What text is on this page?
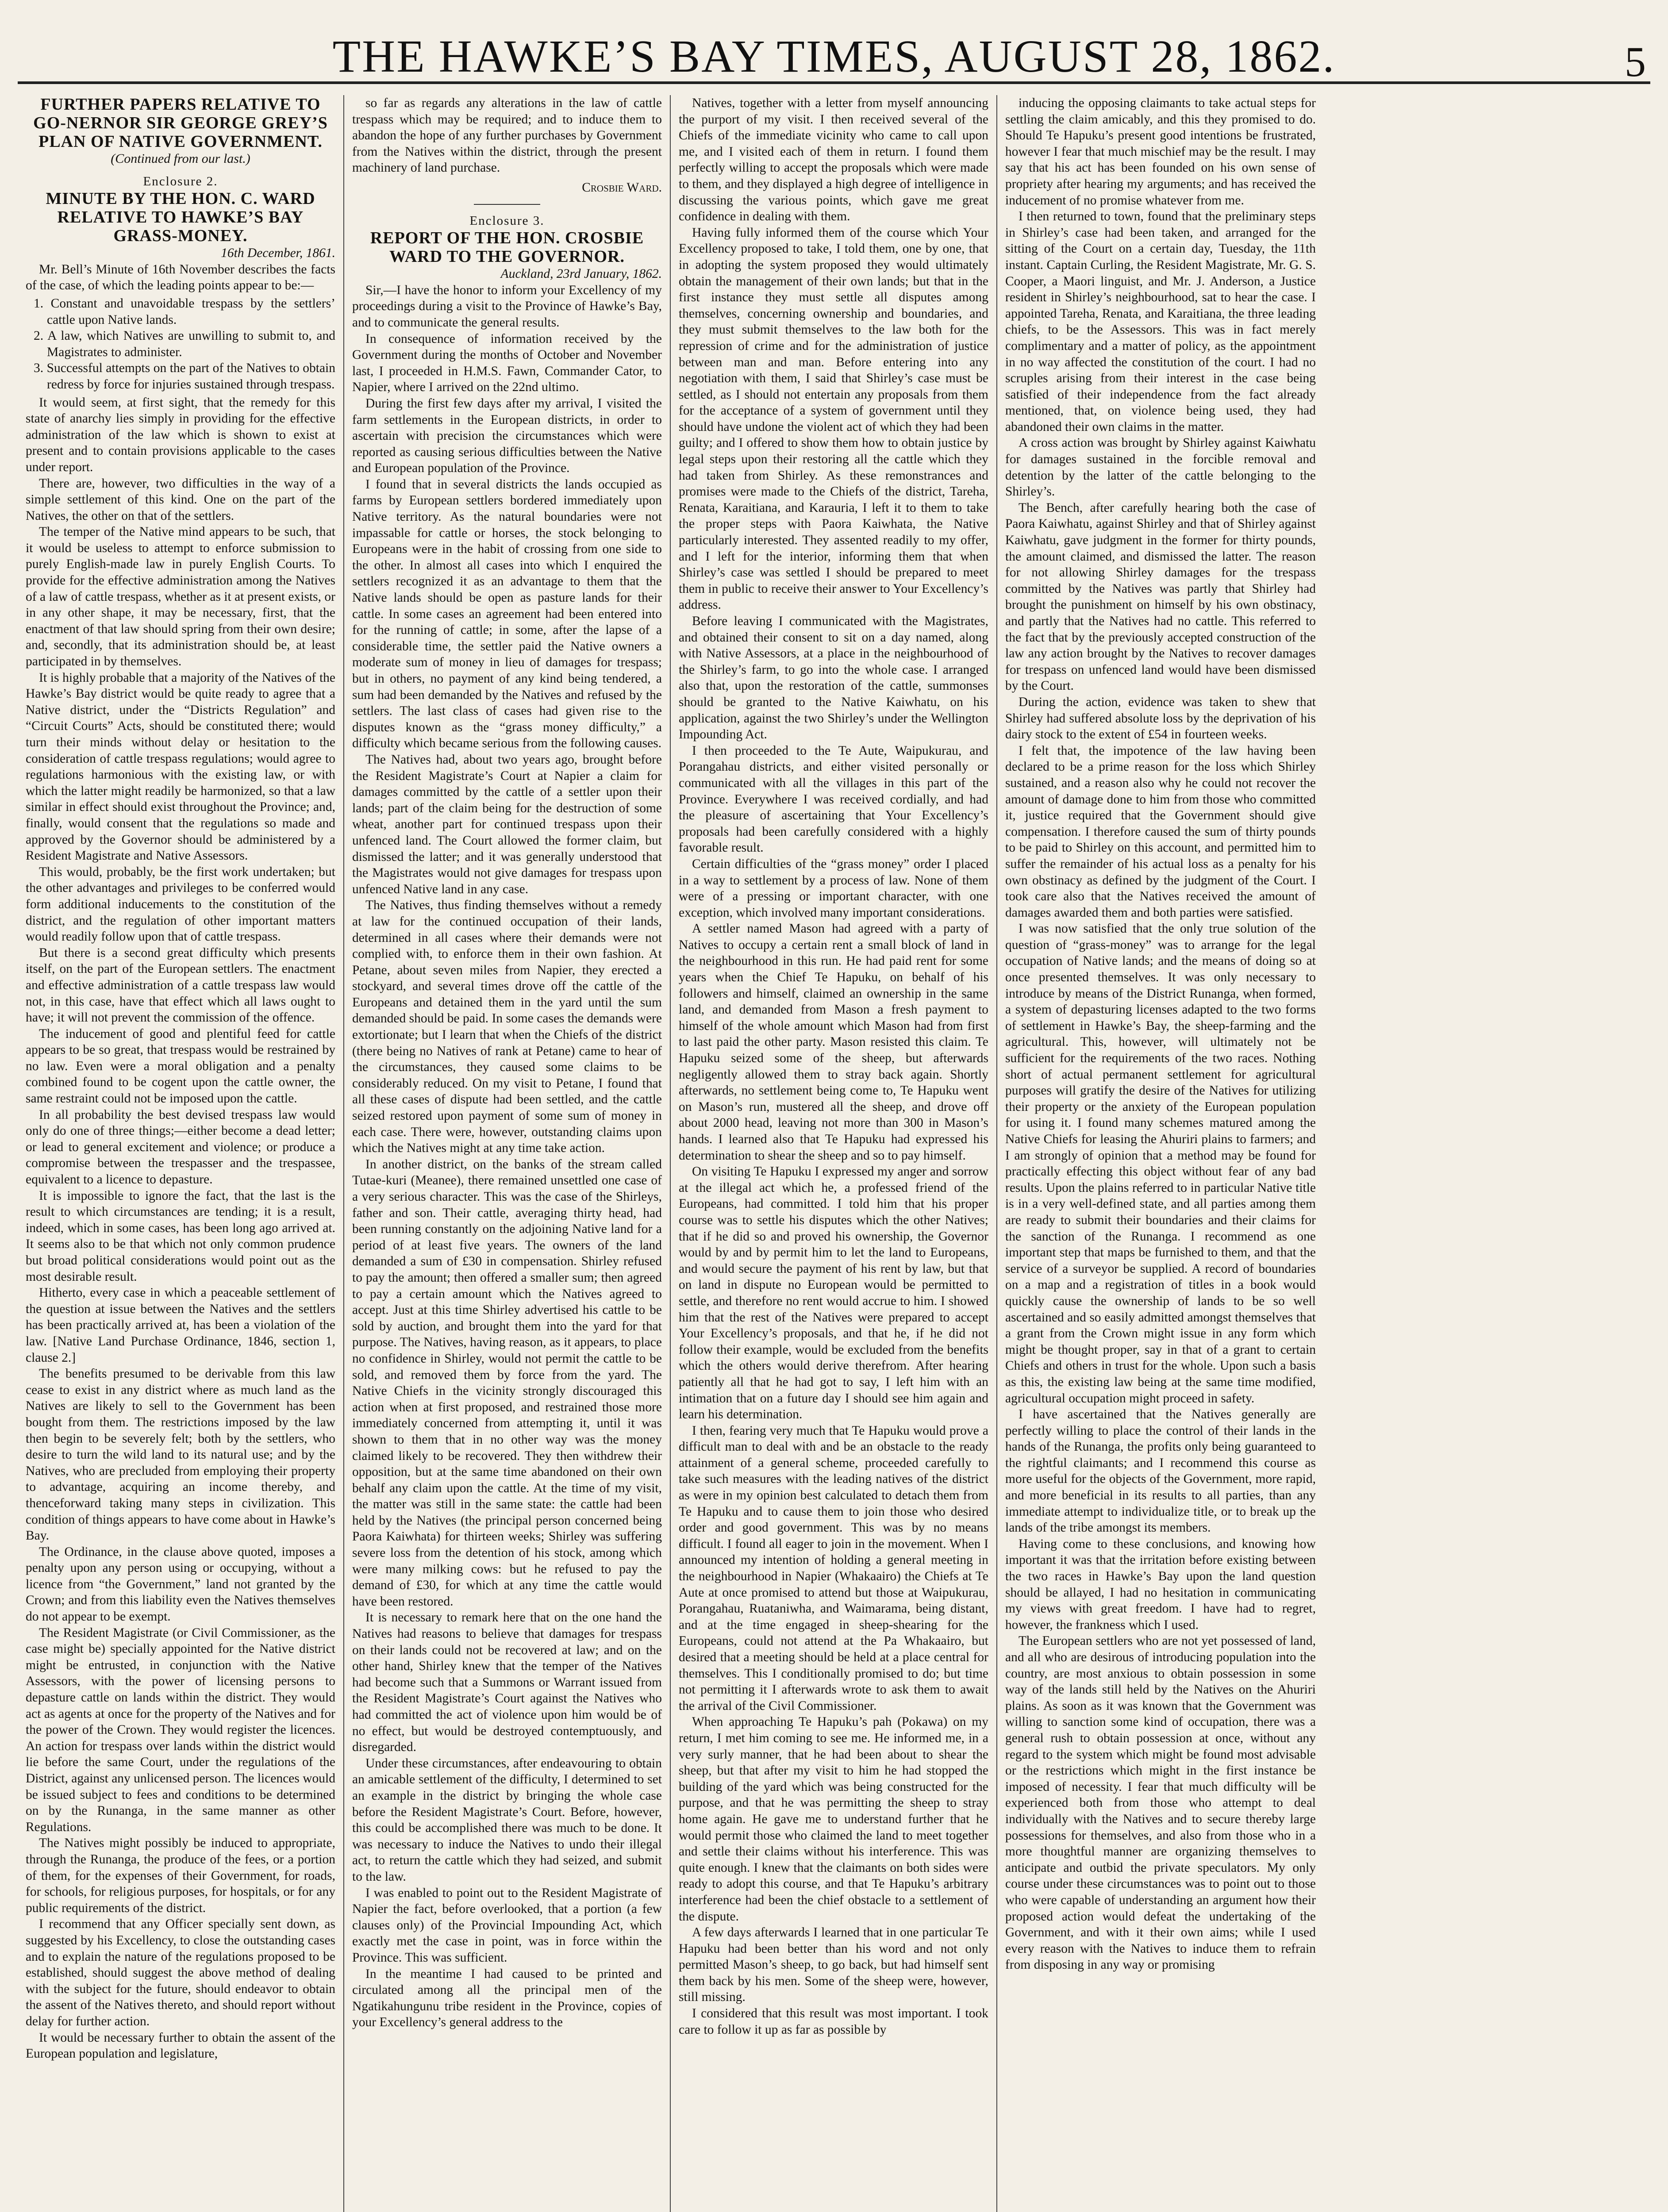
THE HAWKE’S BAY TIMES, AUGUST 28, 1862.	5
FURTHER PAPERS RELATIVE TO GO-NERNOR SIR GEORGE GREY’S PLAN OF NATIVE GOVERNMENT.
(Continued from our last.)
Enclosure 2.
MINUTE BY THE HON. C. WARD RELATIVE TO HAWKE’S BAY GRASS-MONEY.
16th December, 1861.

Mr. Bell’s Minute of 16th November describes the facts of the case, of which the leading points appear to be:—

1. Constant and unavoidable trespass by the settlers’ cattle upon Native lands.
2. A law, which Natives are unwilling to submit to, and Magistrates to administer.
3. Successful attempts on the part of the Natives to obtain redress by force for injuries sustained through trespass.

It would seem, at first sight, that the remedy for this state of anarchy lies simply in providing for the effective administration of the law which is shown to exist at present and to contain provisions applicable to the cases under report.

There are, however, two difficulties in the way of a simple settlement of this kind. One on the part of the Natives, the other on that of the settlers.

The temper of the Native mind appears to be such, that it would be useless to attempt to enforce submission to purely English-made law in purely English Courts. To provide for the effective administration among the Natives of a law of cattle trespass, whether as it at present exists, or in any other shape, it may be necessary, first, that the enactment of that law should spring from their own desire; and, secondly, that its administration should be, at least participated in by themselves.

It is highly probable that a majority of the Natives of the Hawke’s Bay district would be quite ready to agree that a Native district, under the “Districts Regulation” and “Circuit Courts” Acts, should be constituted there; would turn their minds without delay or hesitation to the consideration of cattle trespass regulations; would agree to regulations harmonious with the existing law, or with which the latter might readily be harmonized, so that a law similar in effect should exist throughout the Province; and, finally, would consent that the regulations so made and approved by the Governor should be administered by a Resident Magistrate and Native Assessors.

This would, probably, be the first work undertaken; but the other advantages and privileges to be conferred would form additional inducements to the constitution of the district, and the regulation of other important matters would readily follow upon that of cattle trespass.

But there is a second great difficulty which presents itself, on the part of the European settlers. The enactment and effective administration of a cattle trespass law would not, in this case, have that effect which all laws ought to have; it will not prevent the commission of the offence.

The inducement of good and plentiful feed for cattle appears to be so great, that trespass would be restrained by no law. Even were a moral obligation and a penalty combined found to be cogent upon the cattle owner, the same restraint could not be imposed upon the cattle.

In all probability the best devised trespass law would only do one of three things;—either become a dead letter; or lead to general excitement and violence; or produce a compromise between the trespasser and the trespassee, equivalent to a licence to depasture.

It is impossible to ignore the fact, that the last is the result to which circumstances are tending; it is a result, indeed, which in some cases, has been long ago arrived at. It seems also to be that which not only common prudence but broad political considerations would point out as the most desirable result.

Hitherto, every case in which a peaceable settlement of the question at issue between the Natives and the settlers has been practically arrived at, has been a violation of the law. [Native Land Purchase Ordinance, 1846, section 1, clause 2.]

The benefits presumed to be derivable from this law cease to exist in any district where as much land as the Natives are likely to sell to the Government has been bought from them. The restrictions imposed by the law then begin to be severely felt; both by the settlers, who desire to turn the wild land to its natural use; and by the Natives, who are precluded from employing their property to advantage, acquiring an income thereby, and thenceforward taking many steps in civilization. This condition of things appears to have come about in Hawke’s Bay.

The Ordinance, in the clause above quoted, imposes a penalty upon any person using or occupying, without a licence from “the Government,” land not granted by the Crown; and from this liability even the Natives themselves do not appear to be exempt.

The Resident Magistrate (or Civil Commissioner, as the case might be) specially appointed for the Native district might be entrusted, in conjunction with the Native Assessors, with the power of licensing persons to depasture cattle on lands within the district. They would act as agents at once for the property of the Natives and for the power of the Crown. They would register the licences. An action for trespass over lands within the district would lie before the same Court, under the regulations of the District, against any unlicensed person. The licences would be issued subject to fees and conditions to be determined on by the Runanga, in the same manner as other Regulations.

The Natives might possibly be induced to appropriate, through the Runanga, the produce of the fees, or a portion of them, for the expenses of their Government, for roads, for schools, for religious purposes, for hospitals, or for any public requirements of the district.

I recommend that any Officer specially sent down, as suggested by his Excellency, to close the outstanding cases and to explain the nature of the regulations proposed to be established, should suggest the above method of dealing with the subject for the future, should endeavor to obtain the assent of the Natives thereto, and should report without delay for further action.

It would be necessary further to obtain the assent of the European population and legislature,

so far as regards any alterations in the law of cattle trespass which may be required; and to induce them to abandon the hope of any further purchases by Government from the Natives within the district, through the present machinery of land purchase.

Crosbie Ward.
Enclosure 3.
REPORT OF THE HON. CROSBIE WARD TO THE GOVERNOR.
Auckland, 23rd January, 1862.

Sir,—I have the honor to inform your Excellency of my proceedings during a visit to the Province of Hawke’s Bay, and to communicate the general results.

In consequence of information received by the Government during the months of October and November last, I proceeded in H.M.S. Fawn, Commander Cator, to Napier, where I arrived on the 22nd ultimo.

During the first few days after my arrival, I visited the farm settlements in the European districts, in order to ascertain with precision the circumstances which were reported as causing serious difficulties between the Native and European population of the Province.

I found that in several districts the lands occupied as farms by European settlers bordered immediately upon Native territory. As the natural boundaries were not impassable for cattle or horses, the stock belonging to Europeans were in the habit of crossing from one side to the other. In almost all cases into which I enquired the settlers recognized it as an advantage to them that the Native lands should be open as pasture lands for their cattle. In some cases an agreement had been entered into for the running of cattle; in some, after the lapse of a considerable time, the settler paid the Native owners a moderate sum of money in lieu of damages for trespass; but in others, no payment of any kind being tendered, a sum had been demanded by the Natives and refused by the settlers. The last class of cases had given rise to the disputes known as the “grass money difficulty,” a difficulty which became serious from the following causes.

The Natives had, about two years ago, brought before the Resident Magistrate’s Court at Napier a claim for damages committed by the cattle of a settler upon their lands; part of the claim being for the destruction of some wheat, another part for continued trespass upon their unfenced land. The Court allowed the former claim, but dismissed the latter; and it was generally understood that the Magistrates would not give damages for trespass upon unfenced Native land in any case.

The Natives, thus finding themselves without a remedy at law for the continued occupation of their lands, determined in all cases where their demands were not complied with, to enforce them in their own fashion. At Petane, about seven miles from Napier, they erected a stockyard, and several times drove off the cattle of the Europeans and detained them in the yard until the sum demanded should be paid. In some cases the demands were extortionate; but I learn that when the Chiefs of the district (there being no Natives of rank at Petane) came to hear of the circumstances, they caused some claims to be considerably reduced. On my visit to Petane, I found that all these cases of dispute had been settled, and the cattle seized restored upon payment of some sum of money in each case. There were, however, outstanding claims upon which the Natives might at any time take action.

In another district, on the banks of the stream called Tutae-kuri (Meanee), there remained unsettled one case of a very serious character. This was the case of the Shirleys, father and son. Their cattle, averaging thirty head, had been running constantly on the adjoining Native land for a period of at least five years. The owners of the land demanded a sum of £30 in compensation. Shirley refused to pay the amount; then offered a smaller sum; then agreed to pay a certain amount which the Natives agreed to accept. Just at this time Shirley advertised his cattle to be sold by auction, and brought them into the yard for that purpose. The Natives, having reason, as it appears, to place no confidence in Shirley, would not permit the cattle to be sold, and removed them by force from the yard. The Native Chiefs in the vicinity strongly discouraged this action when at first proposed, and restrained those more immediately concerned from attempting it, until it was shown to them that in no other way was the money claimed likely to be recovered. They then withdrew their opposition, but at the same time abandoned on their own behalf any claim upon the cattle. At the time of my visit, the matter was still in the same state: the cattle had been held by the Natives (the principal person concerned being Paora Kaiwhata) for thirteen weeks; Shirley was suffering severe loss from the detention of his stock, among which were many milking cows: but he refused to pay the demand of £30, for which at any time the cattle would have been restored.

It is necessary to remark here that on the one hand the Natives had reasons to believe that damages for trespass on their lands could not be recovered at law; and on the other hand, Shirley knew that the temper of the Natives had become such that a Summons or Warrant issued from the Resident Magistrate’s Court against the Natives who had committed the act of violence upon him would be of no effect, but would be destroyed contemptuously, and disregarded.

Under these circumstances, after endeavouring to obtain an amicable settlement of the difficulty, I determined to set an example in the district by bringing the whole case before the Resident Magistrate’s Court. Before, however, this could be accomplished there was much to be done. It was necessary to induce the Natives to undo their illegal act, to return the cattle which they had seized, and submit to the law.

I was enabled to point out to the Resident Magistrate of Napier the fact, before overlooked, that a portion (a few clauses only) of the Provincial Impounding Act, which exactly met the case in point, was in force within the Province. This was sufficient.

In the meantime I had caused to be printed and circulated among all the principal men of the Ngatikahungunu tribe resident in the Province, copies of your Excellency’s general address to the

Natives, together with a letter from myself announcing the purport of my visit. I then received several of the Chiefs of the immediate vicinity who came to call upon me, and I visited each of them in return. I found them perfectly willing to accept the proposals which were made to them, and they displayed a high degree of intelligence in discussing the various points, which gave me great confidence in dealing with them.

Having fully informed them of the course which Your Excellency proposed to take, I told them, one by one, that in adopting the system proposed they would ultimately obtain the management of their own lands; but that in the first instance they must settle all disputes among themselves, concerning ownership and boundaries, and they must submit themselves to the law both for the repression of crime and for the administration of justice between man and man. Before entering into any negotiation with them, I said that Shirley’s case must be settled, as I should not entertain any proposals from them for the acceptance of a system of government until they should have undone the violent act of which they had been guilty; and I offered to show them how to obtain justice by legal steps upon their restoring all the cattle which they had taken from Shirley. As these remonstrances and promises were made to the Chiefs of the district, Tareha, Renata, Karaitiana, and Karauria, I left it to them to take the proper steps with Paora Kaiwhata, the Native particularly interested. They assented readily to my offer, and I left for the interior, informing them that when Shirley’s case was settled I should be prepared to meet them in public to receive their answer to Your Excellency’s address.

Before leaving I communicated with the Magistrates, and obtained their consent to sit on a day named, along with Native Assessors, at a place in the neighbourhood of the Shirley’s farm, to go into the whole case. I arranged also that, upon the restoration of the cattle, summonses should be granted to the Native Kaiwhatu, on his application, against the two Shirley’s under the Wellington Impounding Act.

I then proceeded to the Te Aute, Waipukurau, and Porangahau districts, and either visited personally or communicated with all the villages in this part of the Province. Everywhere I was received cordially, and had the pleasure of ascertaining that Your Excellency’s proposals had been carefully considered with a highly favorable result.

Certain difficulties of the “grass money” order I placed in a way to settlement by a process of law. None of them were of a pressing or important character, with one exception, which involved many important considerations.

A settler named Mason had agreed with a party of Natives to occupy a certain rent a small block of land in the neighbourhood in this run. He had paid rent for some years when the Chief Te Hapuku, on behalf of his followers and himself, claimed an ownership in the same land, and demanded from Mason a fresh payment to himself of the whole amount which Mason had from first to last paid the other party. Mason resisted this claim. Te Hapuku seized some of the sheep, but afterwards negligently allowed them to stray back again. Shortly afterwards, no settlement being come to, Te Hapuku went on Mason’s run, mustered all the sheep, and drove off about 2000 head, leaving not more than 300 in Mason’s hands. I learned also that Te Hapuku had expressed his determination to shear the sheep and so to pay himself.

On visiting Te Hapuku I expressed my anger and sorrow at the illegal act which he, a professed friend of the Europeans, had committed. I told him that his proper course was to settle his disputes which the other Natives; that if he did so and proved his ownership, the Governor would by and by permit him to let the land to Europeans, and would secure the payment of his rent by law, but that on land in dispute no European would be permitted to settle, and therefore no rent would accrue to him. I showed him that the rest of the Natives were prepared to accept Your Excellency’s proposals, and that he, if he did not follow their example, would be excluded from the benefits which the others would derive therefrom. After hearing patiently all that he had got to say, I left him with an intimation that on a future day I should see him again and learn his determination.

I then, fearing very much that Te Hapuku would prove a difficult man to deal with and be an obstacle to the ready attainment of a general scheme, proceeded carefully to take such measures with the leading natives of the district as were in my opinion best calculated to detach them from Te Hapuku and to cause them to join those who desired order and good government. This was by no means difficult. I found all eager to join in the movement. When I announced my intention of holding a general meeting in the neighbourhood in Napier (Whakaairo) the Chiefs at Te Aute at once promised to attend but those at Waipukurau, Porangahau, Ruataniwha, and Waimarama, being distant, and at the time engaged in sheep-shearing for the Europeans, could not attend at the Pa Whakaairo, but desired that a meeting should be held at a place central for themselves. This I conditionally promised to do; but time not permitting it I afterwards wrote to ask them to await the arrival of the Civil Commissioner.

When approaching Te Hapuku’s pah (Pokawa) on my return, I met him coming to see me. He informed me, in a very surly manner, that he had been about to shear the sheep, but that after my visit to him he had stopped the building of the yard which was being constructed for the purpose, and that he was permitting the sheep to stray home again. He gave me to understand further that he would permit those who claimed the land to meet together and settle their claims without his interference. This was quite enough. I knew that the claimants on both sides were ready to adopt this course, and that Te Hapuku’s arbitrary interference had been the chief obstacle to a settlement of the dispute.

A few days afterwards I learned that in one particular Te Hapuku had been better than his word and not only permitted Mason’s sheep, to go back, but had himself sent them back by his men. Some of the sheep were, however, still missing.

I considered that this result was most important. I took care to follow it up as far as possible by

inducing the opposing claimants to take actual steps for settling the claim amicably, and this they promised to do. Should Te Hapuku’s present good intentions be frustrated, however I fear that much mischief may be the result. I may say that his act has been founded on his own sense of propriety after hearing my arguments; and has received the inducement of no promise whatever from me.

I then returned to town, found that the preliminary steps in Shirley’s case had been taken, and arranged for the sitting of the Court on a certain day, Tuesday, the 11th instant. Captain Curling, the Resident Magistrate, Mr. G. S. Cooper, a Maori linguist, and Mr. J. Anderson, a Justice resident in Shirley’s neighbourhood, sat to hear the case. I appointed Tareha, Renata, and Karaitiana, the three leading chiefs, to be the Assessors. This was in fact merely complimentary and a matter of policy, as the appointment in no way affected the constitution of the court. I had no scruples arising from their interest in the case being satisfied of their independence from the fact already mentioned, that, on violence being used, they had abandoned their own claims in the matter.

A cross action was brought by Shirley against Kaiwhatu for damages sustained in the forcible removal and detention by the latter of the cattle belonging to the Shirley’s.

The Bench, after carefully hearing both the case of Paora Kaiwhatu, against Shirley and that of Shirley against Kaiwhatu, gave judgment in the former for thirty pounds, the amount claimed, and dismissed the latter. The reason for not allowing Shirley damages for the trespass committed by the Natives was partly that Shirley had brought the punishment on himself by his own obstinacy, and partly that the Natives had no cattle. This referred to the fact that by the previously accepted construction of the law any action brought by the Natives to recover damages for trespass on unfenced land would have been dismissed by the Court.

During the action, evidence was taken to shew that Shirley had suffered absolute loss by the deprivation of his dairy stock to the extent of £54 in fourteen weeks.

I felt that, the impotence of the law having been declared to be a prime reason for the loss which Shirley sustained, and a reason also why he could not recover the amount of damage done to him from those who committed it, justice required that the Government should give compensation. I therefore caused the sum of thirty pounds to be paid to Shirley on this account, and permitted him to suffer the remainder of his actual loss as a penalty for his own obstinacy as defined by the judgment of the Court. I took care also that the Natives received the amount of damages awarded them and both parties were satisfied.

I was now satisfied that the only true solution of the question of “grass-money” was to arrange for the legal occupation of Native lands; and the means of doing so at once presented themselves. It was only necessary to introduce by means of the District Runanga, when formed, a system of depasturing licenses adapted to the two forms of settlement in Hawke’s Bay, the sheep-farming and the agricultural. This, however, will ultimately not be sufficient for the requirements of the two races. Nothing short of actual permanent settlement for agricultural purposes will gratify the desire of the Natives for utilizing their property or the anxiety of the European population for using it. I found many schemes matured among the Native Chiefs for leasing the Ahuriri plains to farmers; and I am strongly of opinion that a method may be found for practically effecting this object without fear of any bad results. Upon the plains referred to in particular Native title is in a very well-defined state, and all parties among them are ready to submit their boundaries and their claims for the sanction of the Runanga. I recommend as one important step that maps be furnished to them, and that the service of a surveyor be supplied. A record of boundaries on a map and a registration of titles in a book would quickly cause the ownership of lands to be so well ascertained and so easily admitted amongst themselves that a grant from the Crown might issue in any form which might be thought proper, say in that of a grant to certain Chiefs and others in trust for the whole. Upon such a basis as this, the existing law being at the same time modified, agricultural occupation might proceed in safety.

I have ascertained that the Natives generally are perfectly willing to place the control of their lands in the hands of the Runanga, the profits only being guaranteed to the rightful claimants; and I recommend this course as more useful for the objects of the Government, more rapid, and more beneficial in its results to all parties, than any immediate attempt to individualize title, or to break up the lands of the tribe amongst its members.

Having come to these conclusions, and knowing how important it was that the irritation before existing between the two races in Hawke’s Bay upon the land question should be allayed, I had no hesitation in communicating my views with great freedom. I have had to regret, however, the frankness which I used.

The European settlers who are not yet possessed of land, and all who are desirous of introducing population into the country, are most anxious to obtain possession in some way of the lands still held by the Natives on the Ahuriri plains. As soon as it was known that the Government was willing to sanction some kind of occupation, there was a general rush to obtain possession at once, without any regard to the system which might be found most advisable or the restrictions which might in the first instance be imposed of necessity. I fear that much difficulty will be experienced both from those who attempt to deal individually with the Natives and to secure thereby large possessions for themselves, and also from those who in a more thoughtful manner are organizing themselves to anticipate and outbid the private speculators. My only course under these circumstances was to point out to those who were capable of understanding an argument how their proposed action would defeat the undertaking of the Government, and with it their own aims; while I used every reason with the Natives to induce them to refrain from disposing in any way or promising
